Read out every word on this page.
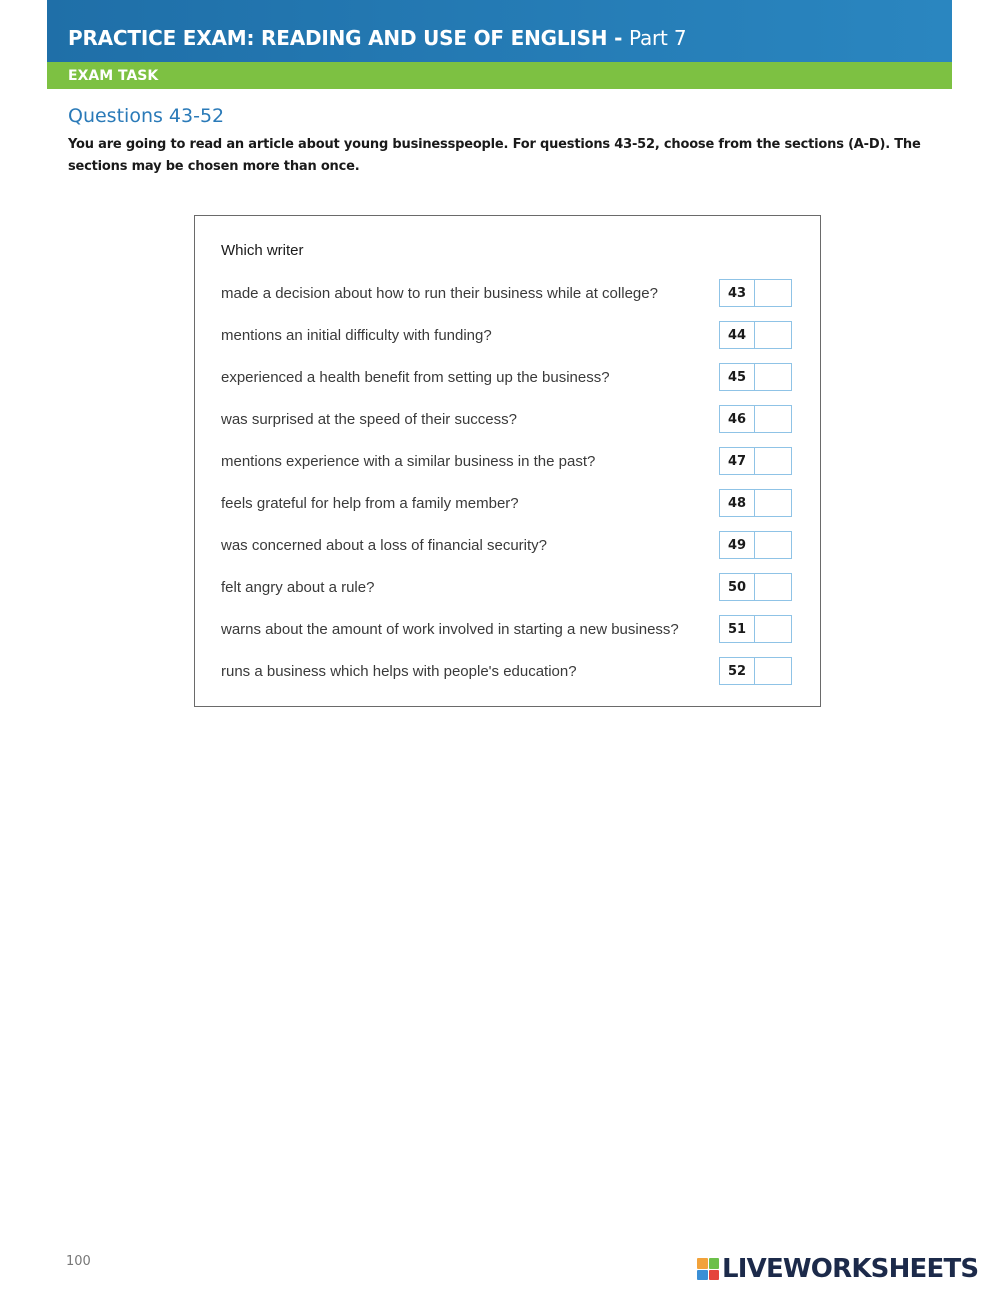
PRACTICE EXAM: READING AND USE OF ENGLISH - Part 7
EXAM TASK
Questions 43-52
You are going to read an article about young businesspeople. For questions 43-52, choose from the sections (A-D). The sections may be chosen more than once.
Which writer
made a decision about how to run their business while at college?	43
mentions an initial difficulty with funding?	44
experienced a health benefit from setting up the business?	45
was surprised at the speed of their success?	46
mentions experience with a similar business in the past?	47
feels grateful for help from a family member?	48
was concerned about a loss of financial security?	49
felt angry about a rule?	50
warns about the amount of work involved in starting a new business?	51
runs a business which helps with people's education?	52
100	LIVEWORKSHEETS
